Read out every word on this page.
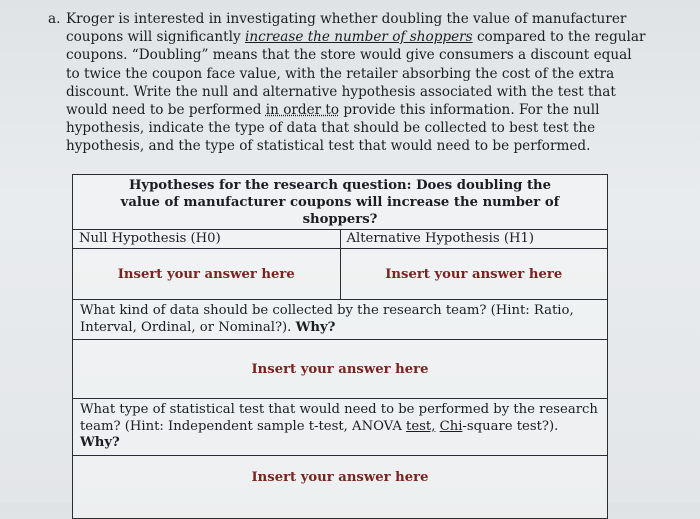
a. Kroger is interested in investigating whether doubling the value of manufacturer coupons will significantly increase the number of shoppers compared to the regular coupons. “Doubling” means that the store would give consumers a discount equal to twice the coupon face value, with the retailer absorbing the cost of the extra discount. Write the null and alternative hypothesis associated with the test that would need to be performed in order to provide this information. For the null hypothesis, indicate the type of data that should be collected to best test the hypothesis, and the type of statistical test that would need to be performed.
Hypotheses for the research question: Does doubling the value of manufacturer coupons will increase the number of shoppers?
Null Hypothesis (H0)	Alternative Hypothesis (H1)
Insert your answer here	Insert your answer here
What kind of data should be collected by the research team? (Hint: Ratio, Interval, Ordinal, or Nominal?). Why?
Insert your answer here
What type of statistical test that would need to be performed by the research team? (Hint: Independent sample t-test, ANOVA test, Chi-square test?). Why?
Insert your answer here
